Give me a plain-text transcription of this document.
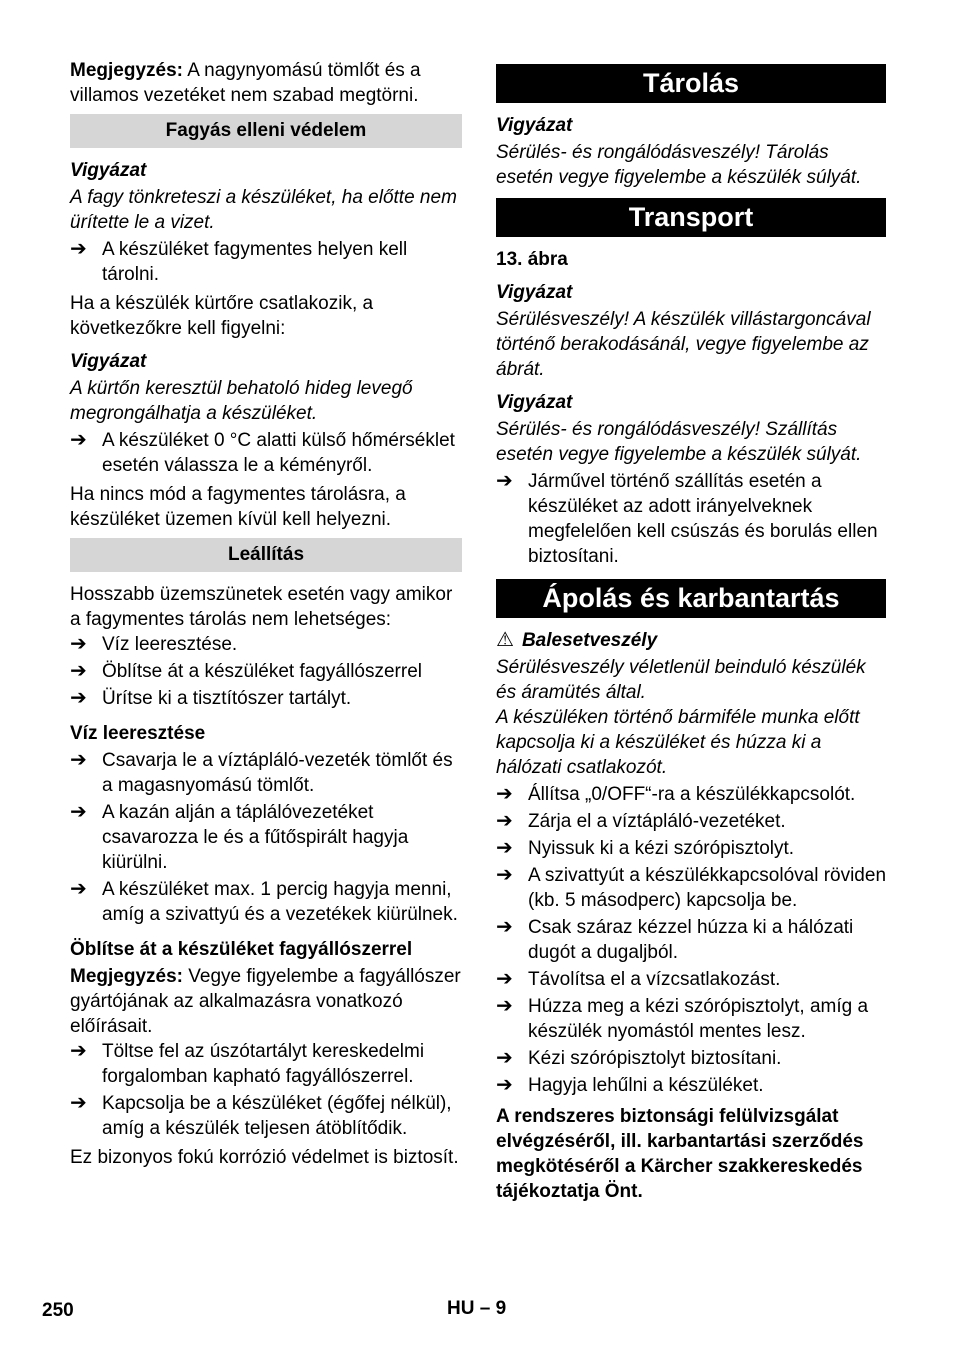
Megjegyzés: A nagynyomású tömlőt és a villamos vezetéket nem szabad megtörni.

Fagyás elleni védelem
Vigyázat
A fagy tönkreteszi a készüléket, ha előtte nem ürítette le a vizet.
➔ A készüléket fagymentes helyen kell tárolni.

Ha a készülék kürtőre csatlakozik, a következőkre kell figyelni:

Vigyázat
A kürtőn keresztül behatoló hideg levegő megrongálhatja a készüléket.
➔ A készüléket 0 °C alatti külső hőmérséklet esetén válassza le a kéményről.

Ha nincs mód a fagymentes tárolásra, a készüléket üzemen kívül kell helyezni.

Leállítás

Hosszabb üzemszünetek esetén vagy amikor a fagymentes tárolás nem lehetséges:

➔ Víz leeresztése.
➔ Öblítse át a készüléket fagyállószerrel
➔ Ürítse ki a tisztítószer tartályt.
Víz leeresztése
➔ Csavarja le a víztápláló-vezeték tömlőt és a magasnyomású tömlőt.
➔ A kazán alján a táplálóvezetéket csavarozza le és a fűtőspirált hagyja kiürülni.
➔ A készüléket max. 1 percig hagyja menni, amíg a szivattyú és a vezetékek kiürülnek.
Öblítse át a készüléket fagyállószerrel

Megjegyzés: Vegye figyelembe a fagyállószer gyártójának az alkalmazásra vonatkozó előírásait.

➔ Töltse fel az úszótartályt kereskedelmi forgalomban kapható fagyállószerrel.
➔ Kapcsolja be a készüléket (égőfej nélkül), amíg a készülék teljesen átöblítődik.

Ez bizonyos fokú korrózió védelmet is biztosít.

Tárolás
Vigyázat
Sérülés- és rongálódásveszély! Tárolás esetén vegye figyelembe a készülék súlyát.
Transport
13. ábra
Vigyázat
Sérülésveszély! A készülék villástargoncával történő berakodásánál, vegye figyelembe az ábrát.
Vigyázat
Sérülés- és rongálódásveszély! Szállítás esetén vegye figyelembe a készülék súlyát.
➔ Járművel történő szállítás esetén a készüléket az adott irányelveknek megfelelően kell csúszás és borulás ellen biztosítani.
Ápolás és karbantartás
⚠ Balesetveszély
Sérülésveszély véletlenül beinduló készülék és áramütés által.
A készüléken történő bármiféle munka előtt kapcsolja ki a készüléket és húzza ki a hálózati csatlakozót.
➔ Állítsa „0/OFF“-ra a készülékkapcsolót.
➔ Zárja el a víztápláló-vezetéket.
➔ Nyissuk ki a kézi szórópisztolyt.
➔ A szivattyút a készülékkapcsolóval röviden (kb. 5 másodperc) kapcsolja be.
➔ Csak száraz kézzel húzza ki a hálózati dugót a dugaljból.
➔ Távolítsa el a vízcsatlakozást.
➔ Húzza meg a kézi szórópisztolyt, amíg a készülék nyomástól mentes lesz.
➔ Kézi szórópisztolyt biztosítani.
➔ Hagyja lehűlni a készüléket.

A rendszeres biztonsági felülvizsgálat elvégzéséről, ill. karbantartási szerződés megkötéséről a Kärcher szakkereskedés tájékoztatja Önt.

250	HU – 9
